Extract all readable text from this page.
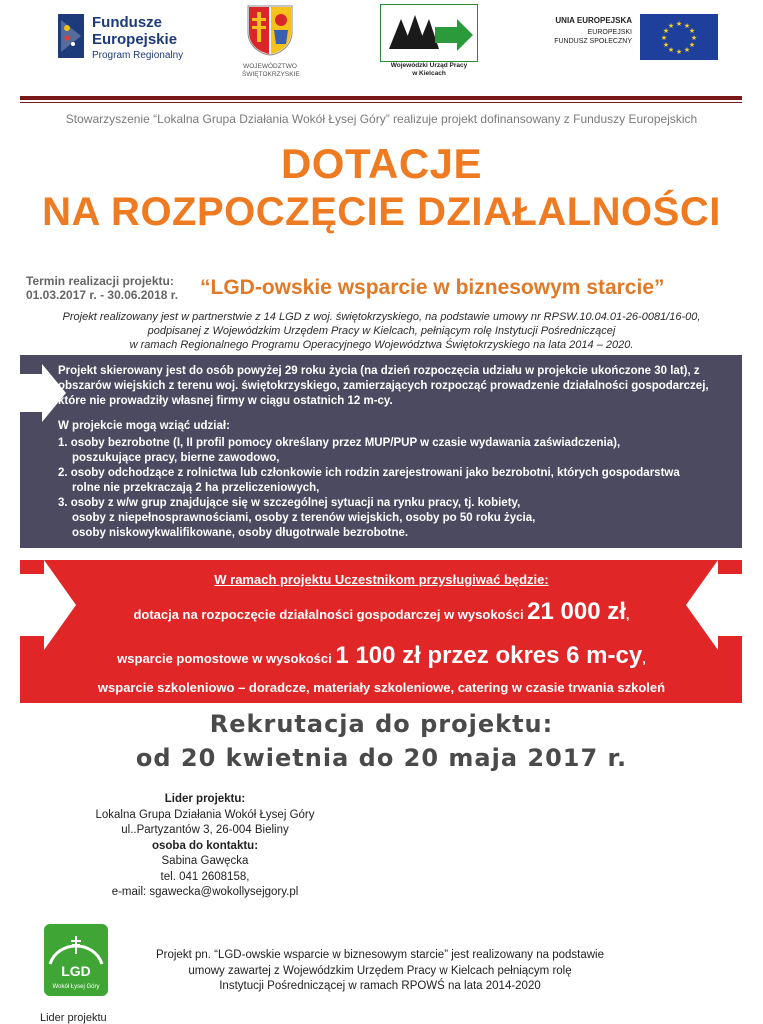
Fundusze
Europejskie
Program Regionalny
WOJEWÓDZTWO
ŚWIĘTOKRZYSKIE
Wojewódzki Urząd Pracy
w Kielcach
UNIA EUROPEJSKA
EUROPEJSKI
FUNDUSZ SPOŁECZNY
★ ★
★
★
★
★
★
★
★
★
★
★
Stowarzyszenie “Lokalna Grupa Działania Wokół Łysej Góry” realizuje projekt dofinansowany z Funduszy Europejskich
DOTACJE
NA ROZPOCZĘCIE DZIAŁALNOŚCI
Termin realizacji projektu:
01.03.2017 r. - 30.06.2018 r. “LGD-owskie wsparcie w biznesowym starcie”
Projekt realizowany jest w partnerstwie z 14 LGD z woj. świętokrzyskiego, na podstawie umowy nr RPSW.10.04.01-26-0081/16-00,
podpisanej z Wojewódzkim Urzędem Pracy w Kielcach, pełniącym rolę Instytucji Pośredniczącej
w ramach Regionalnego Programu Operacyjnego Województwa Świętokrzyskiego na lata 2014 – 2020.
Projekt skierowany jest do osób powyżej 29 roku życia (na dzień rozpoczęcia udziału w projekcie ukończone 30 lat), z obszarów wiejskich z terenu woj. świętokrzyskiego, zamierzających rozpocząć prowadzenie działalności gospodarczej, które nie prowadziły własnej firmy w ciągu ostatnich 12 m-cy.
W projekcie mogą wziąć udział:
1. osoby bezrobotne (I, II profil pomocy określany przez MUP/PUP w czasie wydawania zaświadczenia),
poszukujące pracy, bierne zawodowo,
2. osoby odchodzące z rolnictwa lub członkowie ich rodzin zarejestrowani jako bezrobotni, których gospodarstwa
rolne nie przekraczają 2 ha przeliczeniowych,
3. osoby z w/w grup znajdujące się w szczególnej sytuacji na rynku pracy, tj. kobiety,
osoby z niepełnosprawnościami, osoby z terenów wiejskich, osoby po 50 roku życia,
osoby niskowykwalifikowane, osoby długotrwale bezrobotne.
W ramach projektu Uczestnikom przysługiwać będzie:
dotacja na rozpoczęcie działalności gospodarczej w wysokości 21 000 zł,
wsparcie pomostowe w wysokości 1 100 zł przez okres 6 m-cy,
wsparcie szkoleniowo – doradcze, materiały szkoleniowe, catering w czasie trwania szkoleń
Rekrutacja do projektu:
od 20 kwietnia do 20 maja 2017 r.
Lider projektu:
Lokalna Grupa Działania Wokół Łysej Góry
ul..Partyzantów 3, 26-004 Bieliny
osoba do kontaktu:
Sabina Gawęcka
tel. 041 2608158,
e-mail: sgawecka@wokollysejgory.pl
LGD
Wokół Łysej Góry
Lider projektu
Projekt pn. “LGD-owskie wsparcie w biznesowym starcie” jest realizowany na podstawie
umowy zawartej z Wojewódzkim Urzędem Pracy w Kielcach pełniącym rolę
Instytucji Pośredniczącej w ramach RPOWŚ na lata 2014-2020
